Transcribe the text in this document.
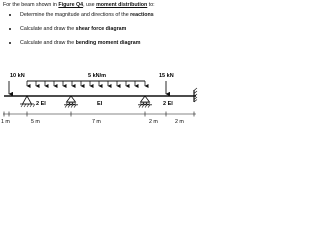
For the beam shown in Figure Q4, use moment distribution to:
Determine the magnitude and directions of the reactions
Calculate and draw the shear force diagram
Calculate and draw the bending moment diagram
10 kN	5 kN/m	15 kN
2 EI	EI	2 EI
1 m	5 m	7 m	2 m	2 m
